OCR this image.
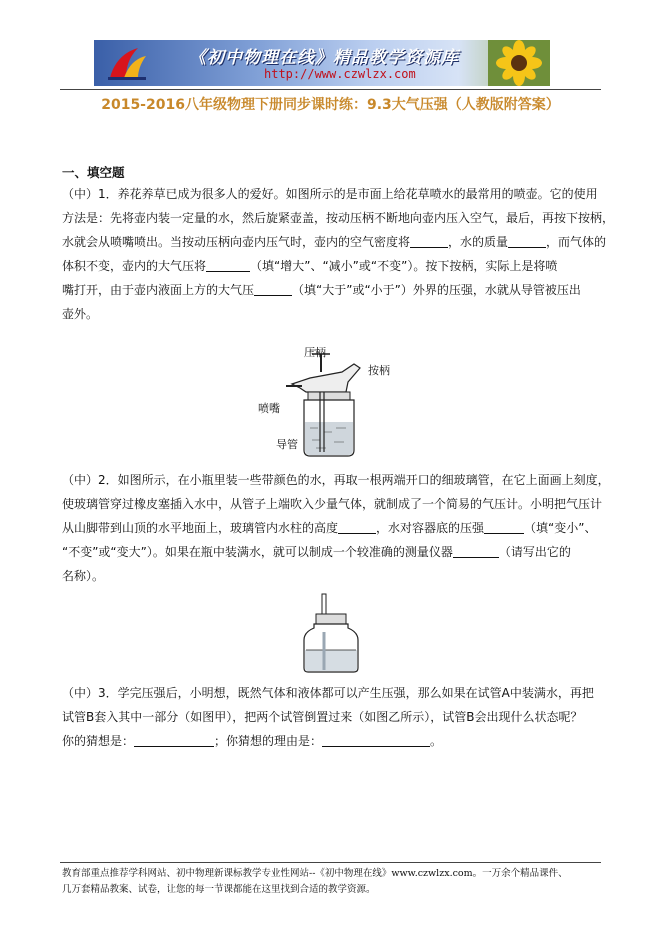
《初中物理在线》精品教学资源库
http://www.czwlzx.com
2015-2016八年级物理下册同步课时练：9.3大气压强（人教版附答案）
一、填空题
（中）1．养花养草已成为很多人的爱好。如图所示的是市面上给花草喷水的最常用的喷壶。它的使用
方法是：先将壶内装一定量的水，然后旋紧壶盖，按动压柄不断地向壶内压入空气，最后，再按下按柄，
水就会从喷嘴喷出。当按动压柄向壶内压气时，壶内的空气密度将	，水的质量	，而气体的
体积不变，壶内的大气压将	（填“增大”、“减小”或“不变”）。按下按柄，实际上是将喷
嘴打开，由于壶内液面上方的大气压	（填“大于”或“小于”）外界的压强，水就从导管被压出
壶外。
压柄
按柄
喷嘴
导管
（中）2．如图所示，在小瓶里装一些带颜色的水，再取一根两端开口的细玻璃管，在它上面画上刻度，
使玻璃管穿过橡皮塞插入水中，从管子上端吹入少量气体，就制成了一个简易的气压计。小明把气压计
从山脚带到山顶的水平地面上，玻璃管内水柱的高度	，水对容器底的压强	（填“变小”、
“不变”或“变大”）。如果在瓶中装满水，就可以制成一个较准确的测量仪器	（请写出它的
名称）。
（中）3．学完压强后，小明想，既然气体和液体都可以产生压强，那么如果在试管A中装满水，再把
试管B套入其中一部分（如图甲），把两个试管倒置过来（如图乙所示），试管B会出现什么状态呢？
你的猜想是：	；你猜想的理由是：	。
教育部重点推荐学科网站、初中物理新课标教学专业性网站--《初中物理在线》www.czwlzx.com。一万余个精品课件、
几万套精品教案、试卷，让您的每一节课都能在这里找到合适的教学资源。
